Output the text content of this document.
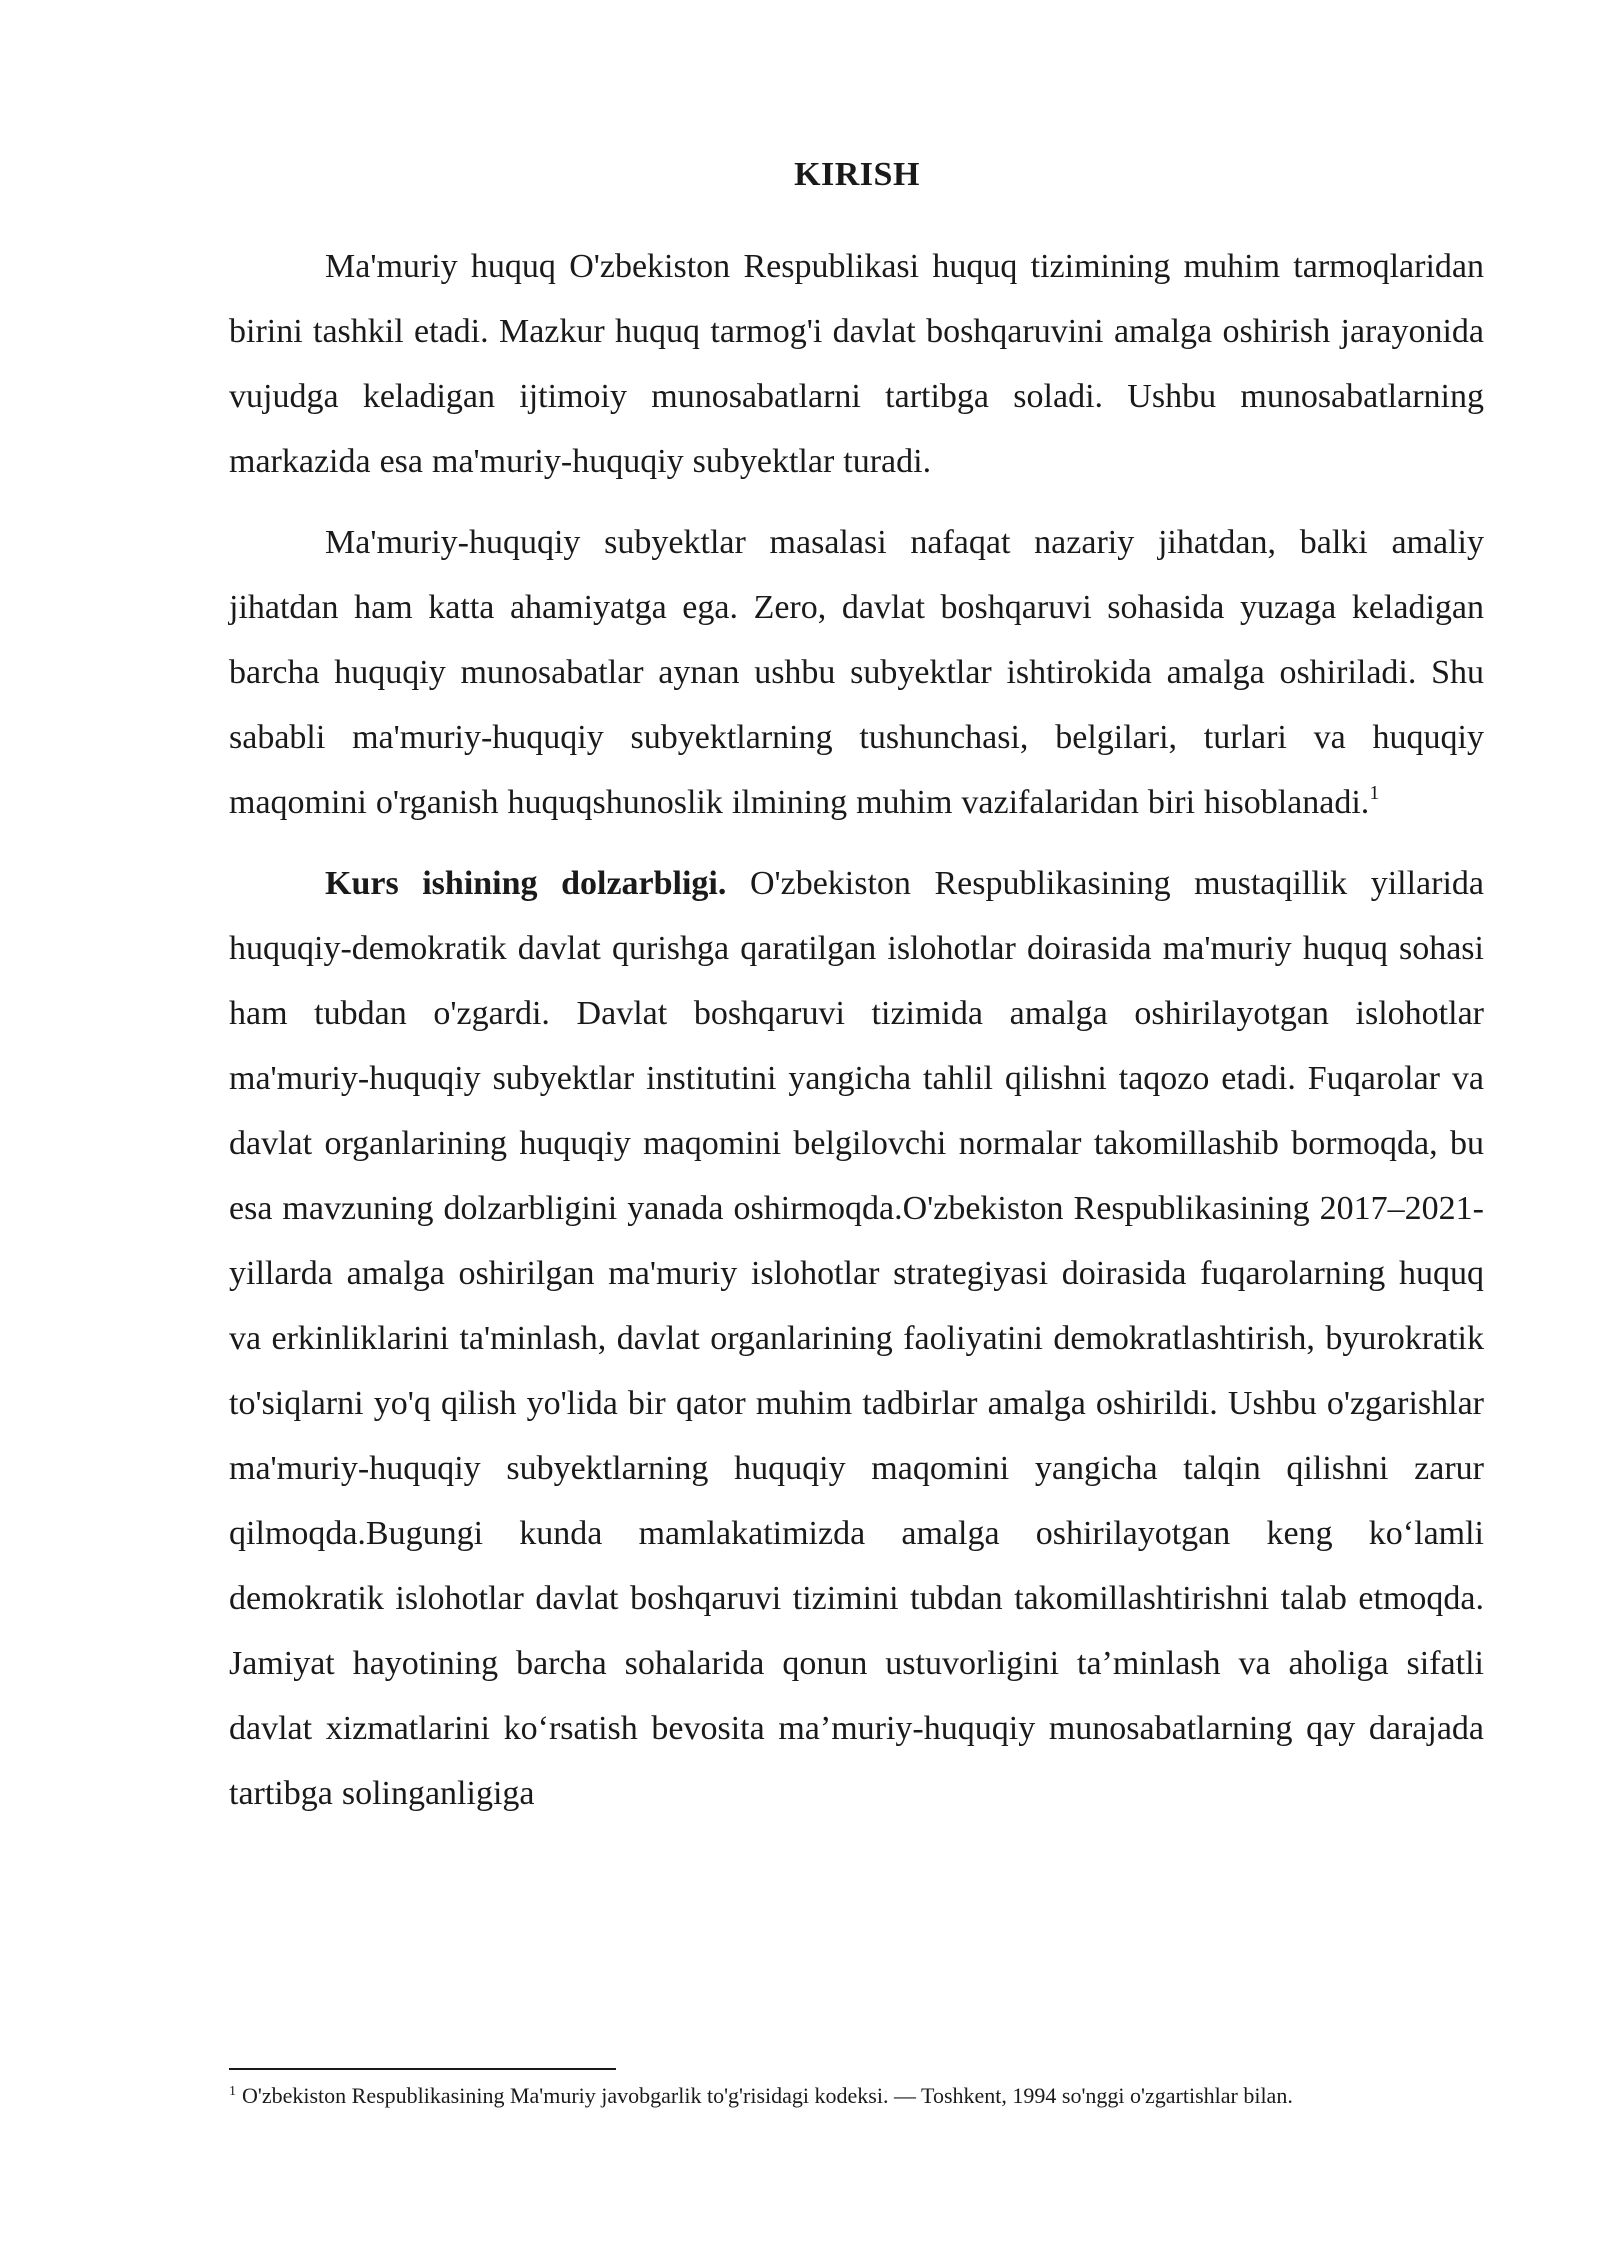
KIRISH

Ma'muriy huquq O'zbekiston Respublikasi huquq tizimining muhim tarmoqlaridan birini tashkil etadi. Mazkur huquq tarmog'i davlat boshqaruvini amalga oshirish jarayonida vujudga keladigan ijtimoiy munosabatlarni tartibga soladi. Ushbu munosabatlarning markazida esa ma'muriy-huquqiy subyektlar turadi.

Ma'muriy-huquqiy subyektlar masalasi nafaqat nazariy jihatdan, balki amaliy jihatdan ham katta ahamiyatga ega. Zero, davlat boshqaruvi sohasida yuzaga keladigan barcha huquqiy munosabatlar aynan ushbu subyektlar ishtirokida amalga oshiriladi. Shu sababli ma'muriy-huquqiy subyektlarning tushunchasi, belgilari, turlari va huquqiy maqomini o'rganish huquqshunoslik ilmining muhim vazifalaridan biri hisoblanadi.$^1$

Kurs ishining dolzarbligi. O'zbekiston Respublikasining mustaqillik yillarida huquqiy-demokratik davlat qurishga qaratilgan islohotlar doirasida ma'muriy huquq sohasi ham tubdan o'zgardi. Davlat boshqaruvi tizimida amalga oshirilayotgan islohotlar ma'muriy-huquqiy subyektlar institutini yangicha tahlil qilishni taqozo etadi. Fuqarolar va davlat organlarining huquqiy maqomini belgilovchi normalar takomillashib bormoqda, bu esa mavzuning dolzarbligini yanada oshirmoqda.O'zbekiston Respublikasining 2017–2021-yillarda amalga oshirilgan ma'muriy islohotlar strategiyasi doirasida fuqarolarning huquq va erkinliklarini ta'minlash, davlat organlarining faoliyatini demokratlashtirish, byurokratik to'siqlarni yo'q qilish yo'lida bir qator muhim tadbirlar amalga oshirildi. Ushbu o'zgarishlar ma'muriy-huquqiy subyektlarning huquqiy maqomini yangicha talqin qilishni zarur qilmoqda.Bugungi kunda mamlakatimizda amalga oshirilayotgan keng ko‘lamli demokratik islohotlar davlat boshqaruvi tizimini tubdan takomillashtirishni talab etmoqda. Jamiyat hayotining barcha sohalarida qonun ustuvorligini ta’minlash va aholiga sifatli davlat xizmatlarini ko‘rsatish bevosita ma’muriy-huquqiy munosabatlarning qay darajada tartibga solinganligiga

$^1$ O'zbekiston Respublikasining Ma'muriy javobgarlik to'g'risidagi kodeksi. — Toshkent, 1994 so'nggi o'zgartishlar bilan.
